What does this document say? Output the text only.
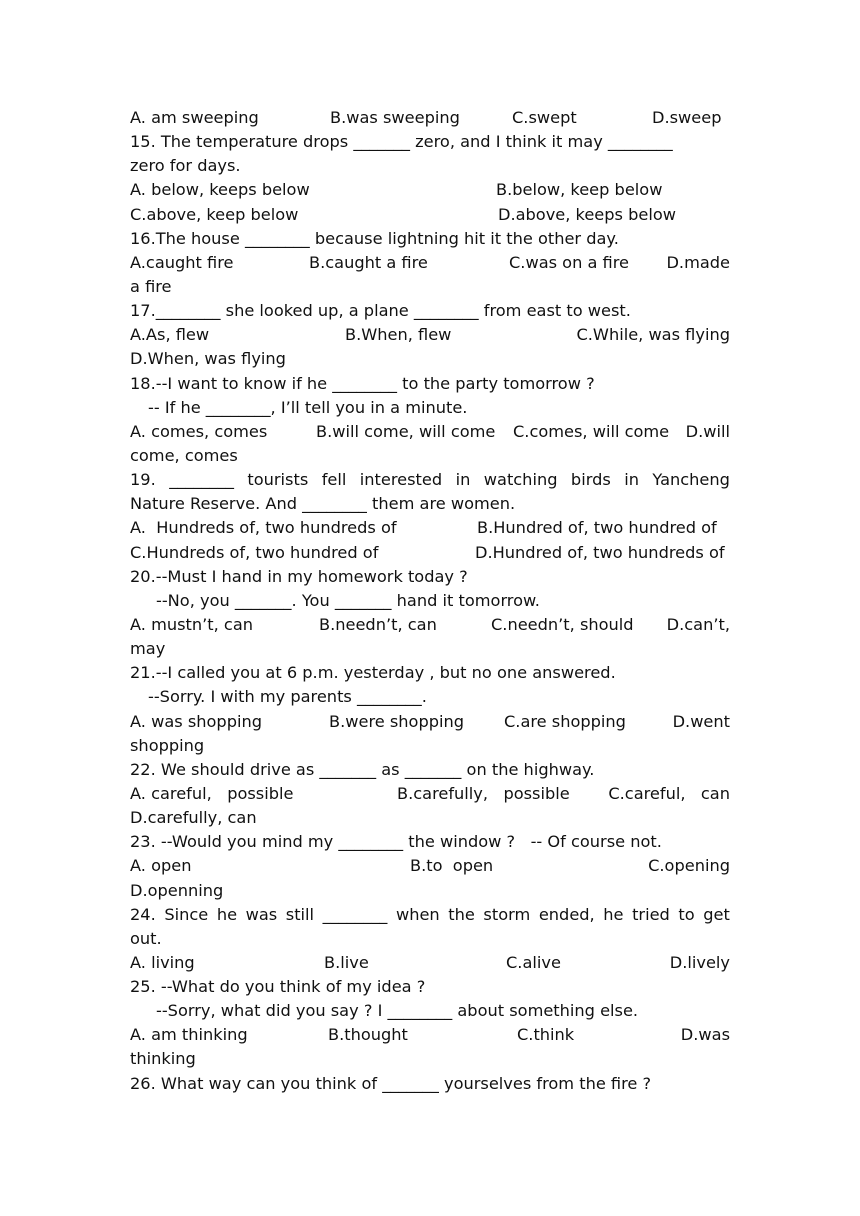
A. am sweeping	B.was sweeping	C.swept	D.sweep
15. The temperature drops _______ zero, and I think it may ________
zero for days.
A. below, keeps below	B.below, keep below
C.above, keep below	D.above, keeps below
16.The house ________ because lightning hit it the other day.
A.caught fire	B.caught a fire	C.was on a fire D.made
a fire
17.________ she looked up, a plane ________ from east to west.
A.As, flew	B.When, flew	C.While, was flying
D.When, was flying
18.--I want to know if he ________ to the party tomorrow ?
-- If he ________, I’ll tell you in a minute.
A. comes, comes	B.will come, will come C.comes, will come D.will
come, comes
19. ________ tourists fell interested in watching birds in Yancheng
Nature Reserve. And ________ them are women.
A.  Hundreds of, two hundreds of	B.Hundred of, two hundred of
C.Hundreds of, two hundred of	D.Hundred of, two hundreds of
20.--Must I hand in my homework today ?
--No, you _______. You _______ hand it tomorrow.
A. mustn’t, can	B.needn’t, can	C.needn’t, should D.can’t,
may
21.--I called you at 6 p.m. yesterday , but no one answered.
--Sorry. I with my parents ________.
A. was shopping	B.were shopping C.are shopping	D.went
shopping
22. We should drive as _______ as _______ on the highway.
A. careful,   possible	B.carefully,   possible C.careful,   can
D.carefully, can
23. --Would you mind my ________ the window ?   -- Of course not.
A. open	B.to  open	C.opening
D.openning
24. Since he was still ________ when the storm ended, he tried to get
out.
A. living	B.live	C.alive	D.lively
25. --What do you think of my idea ?
--Sorry, what did you say ? I ________ about something else.
A. am thinking	B.thought	C.think	D.was
thinking
26. What way can you think of _______ yourselves from the fire ?
